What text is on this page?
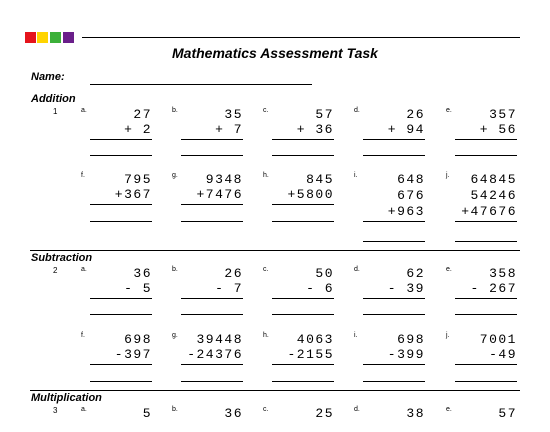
Mathematics Assessment Task
Name:
Addition
1	a.	27
+ 2
b.	35
+ 7
c.	57
+ 36
d.	26
+ 94
e.	357
+ 56
f.	795
+367
g. 9348
+7476
h.	845
+5800
i.	648
676
+963
j. 64845
54246
+47676
Subtraction
2	a.	36
- 5
b.	26
- 7
c.	50
- 6
d.	62
- 39
e.	358
- 267
f.	698
-397
g. 39448
-24376
h. 4063
-2155
i.	698
-399
j. 7001
-49
Multiplication
3	a.	5	b.	36	c.	25	d.	38	e.	57
